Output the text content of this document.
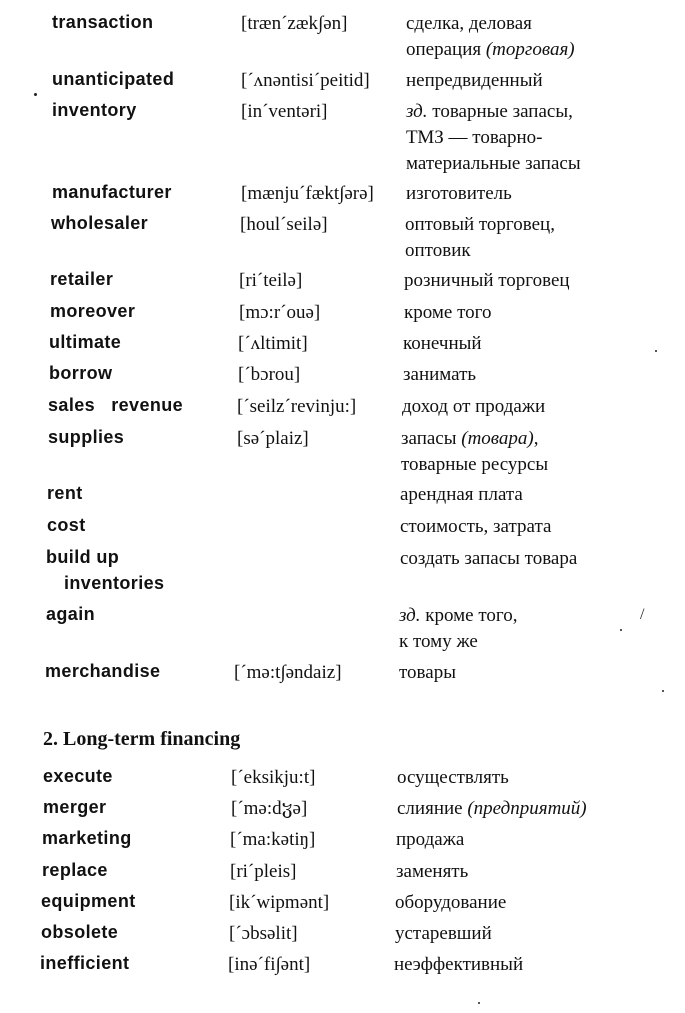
transaction	[træn´zæk∫ən]	сделка, деловая
операция (торговая)
unanticipated	[´ʌnəntisi´peitid] непредвиденный
inventory	[in´ventəri]	зд. товарные запасы,
ТМЗ — товарно-
материальные запасы
manufacturer	[mænju´fækt∫ərə] изготовитель
wholesaler	[houl´seilə]	оптовый торговец,
оптовик
retailer	[ri´teilə]	розничный торговец
moreover	[mɔ:r´ouə]	кроме того
ultimate	[´ʌltimit]	конечный
borrow	[´bɔrou]	занимать
sales   revenue	[´seilz´revinju:] доход от продажи
supplies	[sə´plaiz]	запасы (товара),
товарные ресурсы
rent	арендная плата
cost	стоимость, затрата
build up
inventories
создать запасы товара
again	зд. кроме того,
к тому же
merchandise	[´mə:t∫əndaiz]	товары
2. Long-term financing
execute	[´eksikju:t]	осуществлять
merger	[´mə:dჳə]	слияние (предприятий)
marketing	[´ma:kətiŋ]	продажа
replace	[ri´pleis]	заменять
equipment	[ik´wipmənt]	оборудование
obsolete	[´ɔbsəlit]	устаревший
inefficient	[inə´fi∫ənt]	неэффективный
/
